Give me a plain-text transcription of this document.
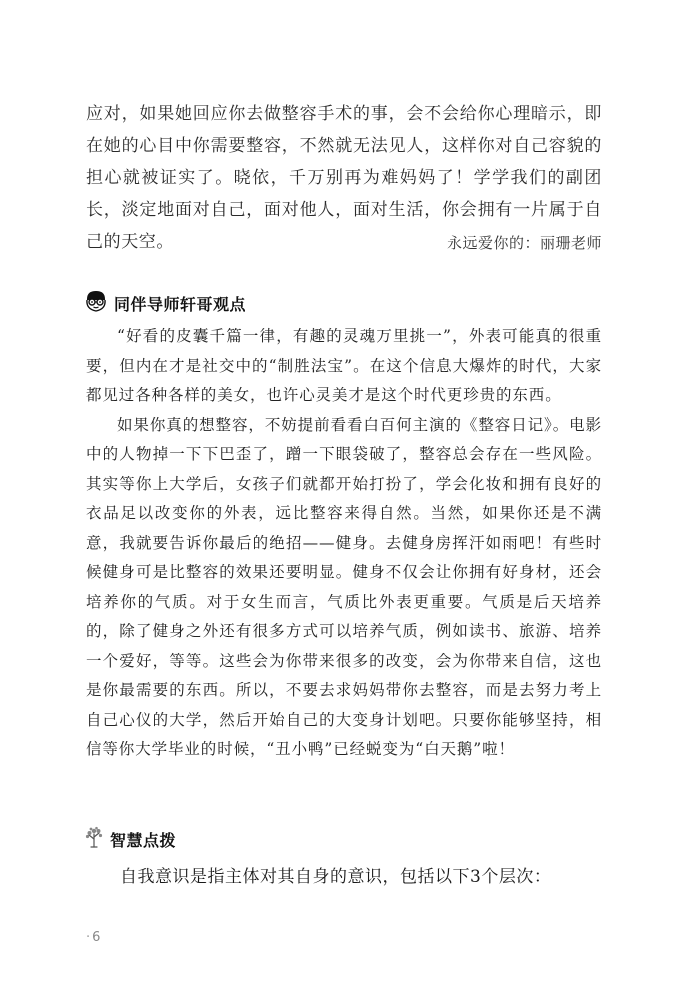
应对，如果她回应你去做整容手术的事，会不会给你心理暗示，即在她的心目中你需要整容，不然就无法见人，这样你对自己容貌的担心就被证实了。晓依，千万别再为难妈妈了！学学我们的副团长，淡定地面对自己，面对他人，面对生活，你会拥有一片属于自己的天空。	永远爱你的：丽珊老师
同伴导师轩哥观点

“好看的皮囊千篇一律，有趣的灵魂万里挑一”，外表可能真的很重要，但内在才是社交中的“制胜法宝”。在这个信息大爆炸的时代，大家都见过各种各样的美女，也许心灵美才是这个时代更珍贵的东西。

如果你真的想整容，不妨提前看看白百何主演的《整容日记》。电影中的人物掉一下下巴歪了，蹭一下眼袋破了，整容总会存在一些风险。其实等你上大学后，女孩子们就都开始打扮了，学会化妆和拥有良好的衣品足以改变你的外表，远比整容来得自然。当然，如果你还是不满意，我就要告诉你最后的绝招——健身。去健身房挥汗如雨吧！有些时候健身可是比整容的效果还要明显。健身不仅会让你拥有好身材，还会培养你的气质。对于女生而言，气质比外表更重要。气质是后天培养的，除了健身之外还有很多方式可以培养气质，例如读书、旅游、培养一个爱好，等等。这些会为你带来很多的改变，会为你带来自信，这也是你最需要的东西。所以，不要去求妈妈带你去整容，而是去努力考上自己心仪的大学，然后开始自己的大变身计划吧。只要你能够坚持，相信等你大学毕业的时候，“丑小鸭”已经蜕变为“白天鹅”啦！

智慧点拨

自我意识是指主体对其自身的意识，包括以下3个层次：

· 6
